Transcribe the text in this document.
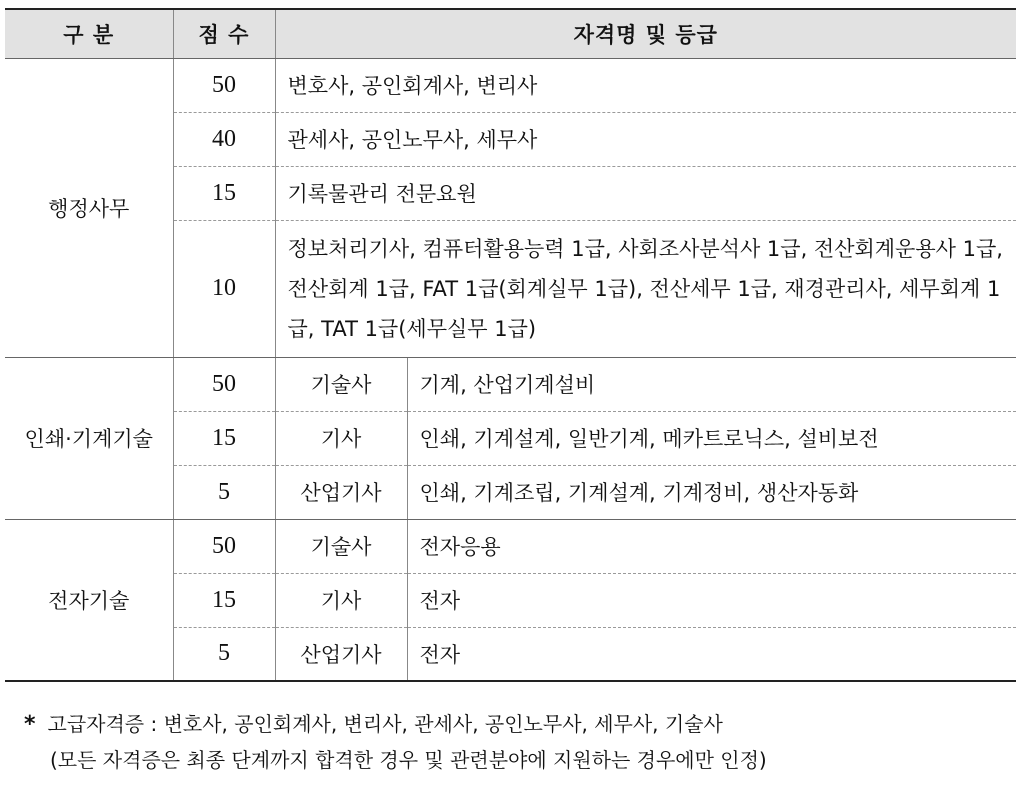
구 분	점 수	자격명 및 등급	
행정사무	50	변호사, 공인회계사, 변리사	
	40	관세사, 공인노무사, 세무사	
	15	기록물관리 전문요원	
	10	정보처리기사, 컴퓨터활용능력 1급, 사회조사분석사 1급, 전산회계운용사 1급, 전산회계 1급, FAT 1급(회계실무 1급), 전산세무 1급, 재경관리사, 세무회계 1급, TAT 1급(세무실무 1급)	
인쇄·기계기술	50	기술사	기계, 산업기계설비
	15	기사	인쇄, 기계설계, 일반기계, 메카트로닉스, 설비보전
	5	산업기사	인쇄, 기계조립, 기계설계, 기계정비, 생산자동화
전자기술	50	기술사	전자응용
	15	기사	전자
	5	산업기사	전자
* 고급자격증 : 변호사, 공인회계사, 변리사, 관세사, 공인노무사, 세무사, 기술사
(모든 자격증은 최종 단계까지 합격한 경우 및 관련분야에 지원하는 경우에만 인정)
